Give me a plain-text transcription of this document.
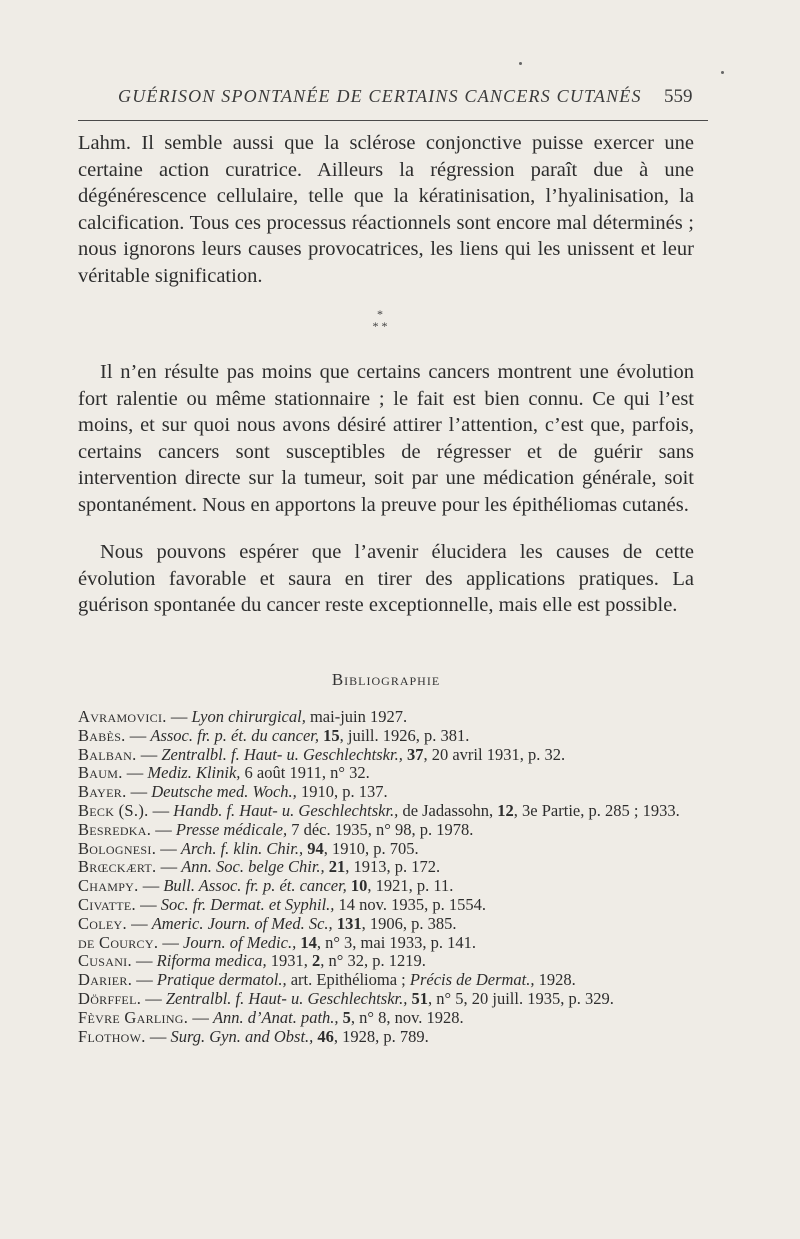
GUÉRISON SPONTANÉE DE CERTAINS CANCERS CUTANÉS	559

Lahm. Il semble aussi que la sclérose conjonctive puisse exercer une certaine action curatrice. Ailleurs la régression paraît due à une dégénérescence cellulaire, telle que la kératinisation, l’hyalinisation, la calcification. Tous ces processus réactionnels sont encore mal déterminés ; nous ignorons leurs causes provocatrices, les liens qui les unissent et leur véritable signification.

*
* *

Il n’en résulte pas moins que certains cancers montrent une évolution fort ralentie ou même stationnaire ; le fait est bien connu. Ce qui l’est moins, et sur quoi nous avons désiré attirer l’attention, c’est que, parfois, certains cancers sont susceptibles de régresser et de guérir sans intervention directe sur la tumeur, soit par une médication générale, soit spontanément. Nous en apportons la preuve pour les épithéliomas cutanés.

Nous pouvons espérer que l’avenir élucidera les causes de cette évolution favorable et saura en tirer des applications pratiques. La guérison spontanée du cancer reste exceptionnelle, mais elle est possible.

Bibliographie

Avramovici. — Lyon chirurgical, mai-juin 1927.

Babès. — Assoc. fr. p. ét. du cancer, 15, juill. 1926, p. 381.

Balban. — Zentralbl. f. Haut- u. Geschlechtskr., 37, 20 avril 1931, p. 32.

Baum. — Mediz. Klinik, 6 août 1911, n° 32.

Bayer. — Deutsche med. Woch., 1910, p. 137.

Beck (S.). — Handb. f. Haut- u. Geschlechtskr., de Jadassohn, 12, 3e Partie, p. 285 ; 1933.

Besredka. — Presse médicale, 7 déc. 1935, n° 98, p. 1978.

Bolognesi. — Arch. f. klin. Chir., 94, 1910, p. 705.

Brœckært. — Ann. Soc. belge Chir., 21, 1913, p. 172.

Champy. — Bull. Assoc. fr. p. ét. cancer, 10, 1921, p. 11.

Civatte. — Soc. fr. Dermat. et Syphil., 14 nov. 1935, p. 1554.

Coley. — Americ. Journ. of Med. Sc., 131, 1906, p. 385.

de Courcy. — Journ. of Medic., 14, n° 3, mai 1933, p. 141.

Cusani. — Riforma medica, 1931, 2, n° 32, p. 1219.

Darier. — Pratique dermatol., art. Epithélioma ; Précis de Dermat., 1928.

Dörffel. — Zentralbl. f. Haut- u. Geschlechtskr., 51, n° 5, 20 juill. 1935, p. 329.

Fèvre Garling. — Ann. d’Anat. path., 5, n° 8, nov. 1928.

Flothow. — Surg. Gyn. and Obst., 46, 1928, p. 789.
